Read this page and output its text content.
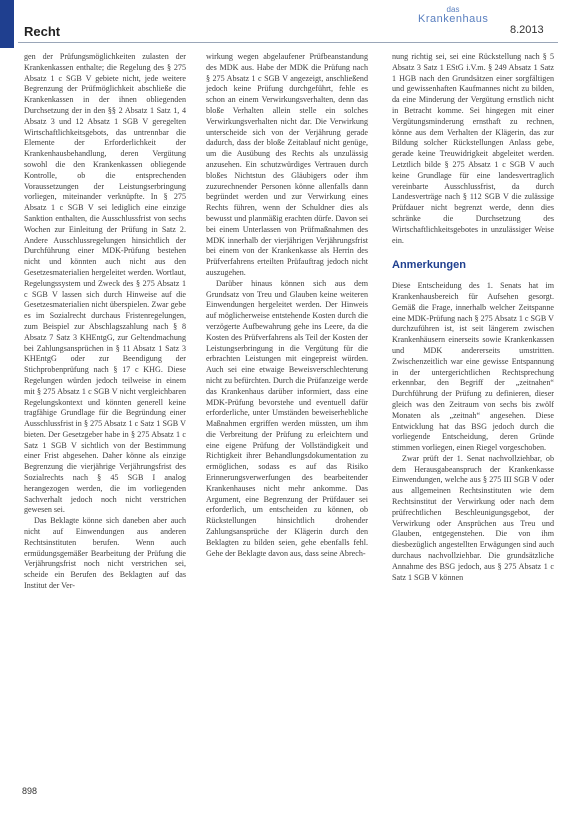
Recht
das
Krankenhaus
8.2013

gen der Prüfungsmöglichkeiten zulasten der Krankenkassen enthalte; die Regelung des § 275 Absatz 1 c SGB V gebiete nicht, jede weitere Begrenzung der Prüfmöglichkeit abschließe die Krankenkassen in der ihnen obliegenden Durchsetzung der in den §§ 2 Absatz 1 Satz 1, 4 Absatz 3 und 12 Absatz 1 SGB V geregelten Wirtschaftlichkeitsgebots, das untrennbar die Elemente der Erforderlichkeit der Krankenhausbehandlung, deren Vergütung sowohl die den Krankenkassen obliegende Kontrolle, ob die entsprechenden Voraussetzungen der Leistungserbringung vorliegen, miteinander verknüpfte. In § 275 Absatz 1 c SGB V sei lediglich eine einzige Sanktion enthalten, die Ausschlussfrist von sechs Wochen zur Einleitung der Prüfung in Satz 2. Andere Ausschlussregelungen hinsichtlich der Durchführung einer MDK-Prüfung bestehen nicht und könnten auch nicht aus den Gesetzesmaterialien hergeleitet werden. Wortlaut, Regelungssystem und Zweck des § 275 Absatz 1 c SGB V lassen sich durch Hinweise auf die Gesetzesmaterialien nicht überspielen. Zwar gebe es im Sozialrecht durchaus Fristenregelungen, zum Beispiel zur Abschlagszahlung nach § 8 Absatz 7 Satz 3 KHEntgG, zur Geltendmachung bei Zahlungsansprüchen in § 11 Absatz 1 Satz 3 KHEntgG oder zur Beendigung der Stichprobenprüfung nach § 17 c KHG. Diese Regelungen würden jedoch teilweise in einem mit § 275 Absatz 1 c SGB V nicht vergleichbaren Regelungskontext und könnten generell keine tragfähige Grundlage für die Begründung einer Ausschlussfrist in § 275 Absatz 1 c Satz 1 SGB V bieten. Der Gesetzgeber habe in § 275 Absatz 1 c Satz 1 SGB V sichtlich von der Bestimmung einer Frist abgesehen. Daher könne als einzige Begrenzung die vierjährige Verjährungsfrist des Sozialrechts nach § 45 SGB I analog herangezogen werden, die im vorliegenden Sachverhalt jedoch noch nicht verstrichen gewesen sei.

Das Beklagte könne sich daneben aber auch nicht auf Einwendungen aus anderen Rechtsinstituten berufen. Wenn auch ermüdungsgemäßer Bearbeitung der Prüfung die Verjährungsfrist noch nicht verstrichen sei, scheide ein Berufen des Beklagten auf das Institut der Ver-

wirkung wegen abgelaufener Prüfbeanstandung des MDK aus. Habe der MDK die Prüfung nach § 275 Absatz 1 c SGB V angezeigt, anschließend jedoch keine Prüfung durchgeführt, fehle es schon an einem Verwirkungsverhalten, denn das bloße Verhalten allein stelle ein solches Verwirkungsverhalten nicht dar. Die Verwirkung unterscheide sich von der Verjährung gerade dadurch, dass der bloße Zeitablauf nicht genüge, um die Ausübung des Rechts als unzulässig anzusehen. Ein schutzwürdiges Vertrauen durch bloßes Nichtstun des Gläubigers oder ihm zuzurechnender Personen könne allenfalls dann begründet werden und zur Verwirkung eines Rechts führen, wenn der Schuldner dies als bewusst und planmäßig erachten dürfe. Davon sei bei einem Unterlassen von Prüfmaßnahmen des MDK innerhalb der vierjährigen Verjährungsfrist bei einem von der Krankenkasse als Herrin des Prüfverfahrens erteilten Prüfauftrag jedoch nicht auszugehen.

Darüber hinaus können sich aus dem Grundsatz von Treu und Glauben keine weiteren Einwendungen hergeleitet werden. Der Hinweis auf möglicherweise entstehende Kosten durch die verzögerte Aufbewahrung gehe ins Leere, da die Kosten des Prüfverfahrens als Teil der Kosten der Leistungserbringung in die Vergütung für die erbrachten Leistungen mit eingepreist würden. Auch sei eine etwaige Beweisverschlechterung nicht zu befürchten. Durch die Prüfanzeige werde das Krankenhaus darüber informiert, dass eine MDK-Prüfung bevorstehe und eventuell dafür erforderliche, unter Umständen beweiserhebliche Maßnahmen ergriffen werden müssten, um ihm die Verbreitung der Prüfung zu erleichtern und eine eigene Prüfung der Vollständigkeit und Richtigkeit ihrer Behandlungsdokumentation zu ermöglichen, sodass es auf das Risiko Erinnerungsverwerfungen des bearbeitender Krankenhauses nicht mehr ankomme. Das Argument, eine Begrenzung der Prüfdauer sei erforderlich, um entscheiden zu können, ob Rückstellungen hinsichtlich drohender Zahlungsansprüche der Klägerin durch den Beklagten zu bilden seien, gehe ebenfalls fehl. Gehe der Beklagte davon aus, dass seine Abrech-

nung richtig sei, sei eine Rückstellung nach § 5 Absatz 3 Satz 1 EStG i.V.m. § 249 Absatz 1 Satz 1 HGB nach den Grundsätzen einer sorgfältigen und gewissenhaften Kaufmannes nicht zu bilden, da eine Minderung der Vergütung ernstlich nicht in Betracht komme. Sei hingegen mit einer Vergütungsminderung ernsthaft zu rechnen, könne aus dem Verhalten der Klägerin, das zur Bildung solcher Rückstellungen Anlass gebe, gerade keine Treuwidrigkeit abgeleitet werden. Letztlich bilde § 275 Absatz 1 c SGB V auch keine Grundlage für eine landesvertraglich vereinbarte Ausschlussfrist, da durch Landesverträge nach § 112 SGB V die zulässige Prüfdauer nicht begrenzt werde, denn dies schränke die Durchsetzung des Wirtschaftlichkeitsgebotes in unzulässiger Weise ein.

Anmerkungen

Diese Entscheidung des 1. Senats hat im Krankenhausbereich für Aufsehen gesorgt. Gemäß die Frage, innerhalb welcher Zeitspanne eine MDK-Prüfung nach § 275 Absatz 1 c SGB V durchzuführen ist, ist seit längerem zwischen Krankenhäusern einerseits sowie Krankenkassen und MDK andererseits umstritten. Zwischenzeitlich war eine gewisse Entspannung in der untergerichtlichen Rechtsprechung erkennbar, den Begriff der „zeitnahen“ Durchführung der Prüfung zu definieren, dieser gleich was den Zeitraum von sechs bis zwölf Monaten als „zeitnah“ angesehen. Diese Entwicklung hat das BSG jedoch durch die vorliegende Entscheidung, deren Gründe stimmen vorliegen, einen Riegel vorgeschoben.

Zwar prüft der 1. Senat nachvollziehbar, ob dem Herausgabeanspruch der Krankenkasse Einwendungen, welche aus § 275 III SGB V oder aus allgemeinen Rechtsinstituten wie dem Rechtsinstitut der Verwirkung oder nach dem prüfrechtlichen Beschleunigungsgebot, der Verwirkung oder Ansprüchen aus Treu und Glauben, entgegenstehen. Die von ihm diesbezüglich angestellten Erwägungen sind auch durchaus nachvollziehbar. Die grundsätzliche Annahme des BSG jedoch, aus § 275 Absatz 1 c Satz 1 SGB V können

898
